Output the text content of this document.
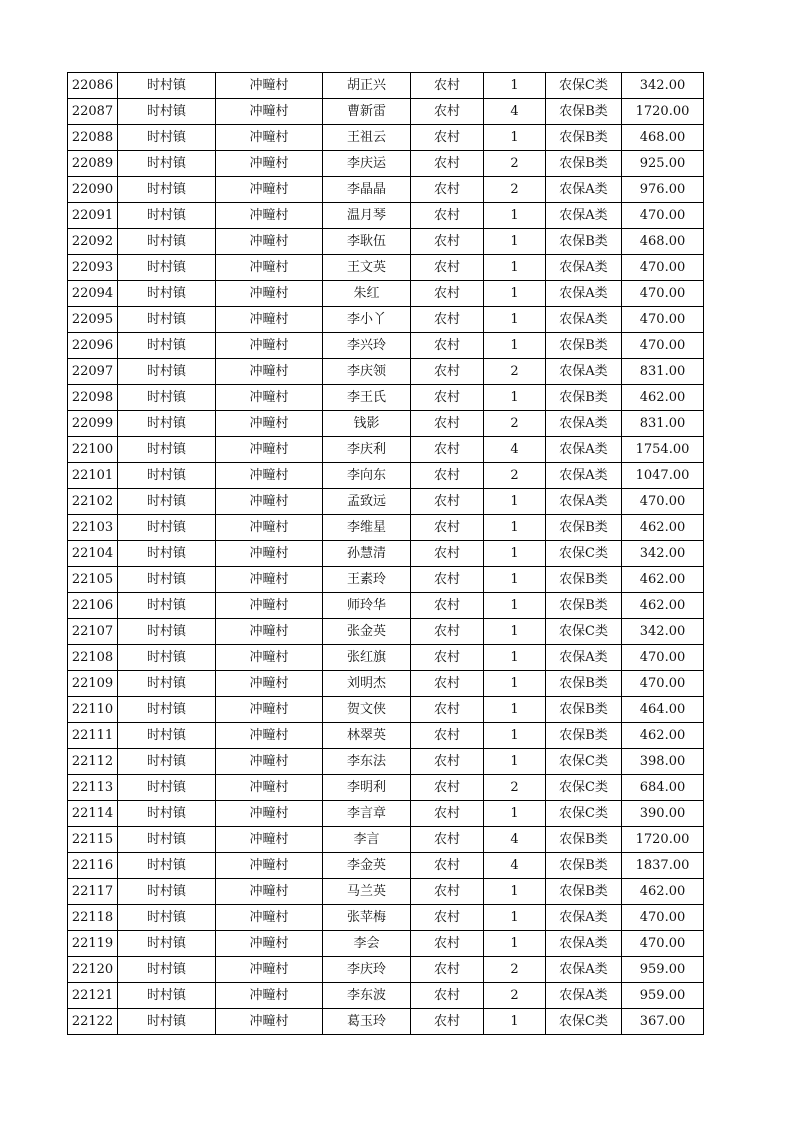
22086	时村镇	冲疃村	胡正兴	农村	1	农保C类	342.00
22087	时村镇	冲疃村	曹新雷	农村	4	农保B类	1720.00
22088	时村镇	冲疃村	王祖云	农村	1	农保B类	468.00
22089	时村镇	冲疃村	李庆运	农村	2	农保B类	925.00
22090	时村镇	冲疃村	李晶晶	农村	2	农保A类	976.00
22091	时村镇	冲疃村	温月琴	农村	1	农保A类	470.00
22092	时村镇	冲疃村	李耿伍	农村	1	农保B类	468.00
22093	时村镇	冲疃村	王文英	农村	1	农保A类	470.00
22094	时村镇	冲疃村	朱红	农村	1	农保A类	470.00
22095	时村镇	冲疃村	李小丫	农村	1	农保A类	470.00
22096	时村镇	冲疃村	李兴玲	农村	1	农保B类	470.00
22097	时村镇	冲疃村	李庆领	农村	2	农保A类	831.00
22098	时村镇	冲疃村	李王氏	农村	1	农保B类	462.00
22099	时村镇	冲疃村	钱影	农村	2	农保A类	831.00
22100	时村镇	冲疃村	李庆利	农村	4	农保A类	1754.00
22101	时村镇	冲疃村	李向东	农村	2	农保A类	1047.00
22102	时村镇	冲疃村	孟致远	农村	1	农保A类	470.00
22103	时村镇	冲疃村	李维星	农村	1	农保B类	462.00
22104	时村镇	冲疃村	孙慧清	农村	1	农保C类	342.00
22105	时村镇	冲疃村	王素玲	农村	1	农保B类	462.00
22106	时村镇	冲疃村	师玲华	农村	1	农保B类	462.00
22107	时村镇	冲疃村	张金英	农村	1	农保C类	342.00
22108	时村镇	冲疃村	张红旗	农村	1	农保A类	470.00
22109	时村镇	冲疃村	刘明杰	农村	1	农保B类	470.00
22110	时村镇	冲疃村	贺文侠	农村	1	农保B类	464.00
22111	时村镇	冲疃村	林翠英	农村	1	农保B类	462.00
22112	时村镇	冲疃村	李东法	农村	1	农保C类	398.00
22113	时村镇	冲疃村	李明利	农村	2	农保C类	684.00
22114	时村镇	冲疃村	李言章	农村	1	农保C类	390.00
22115	时村镇	冲疃村	李言	农村	4	农保B类	1720.00
22116	时村镇	冲疃村	李金英	农村	4	农保B类	1837.00
22117	时村镇	冲疃村	马兰英	农村	1	农保B类	462.00
22118	时村镇	冲疃村	张苹梅	农村	1	农保A类	470.00
22119	时村镇	冲疃村	李会	农村	1	农保A类	470.00
22120	时村镇	冲疃村	李庆玲	农村	2	农保A类	959.00
22121	时村镇	冲疃村	李东波	农村	2	农保A类	959.00
22122	时村镇	冲疃村	葛玉玲	农村	1	农保C类	367.00
